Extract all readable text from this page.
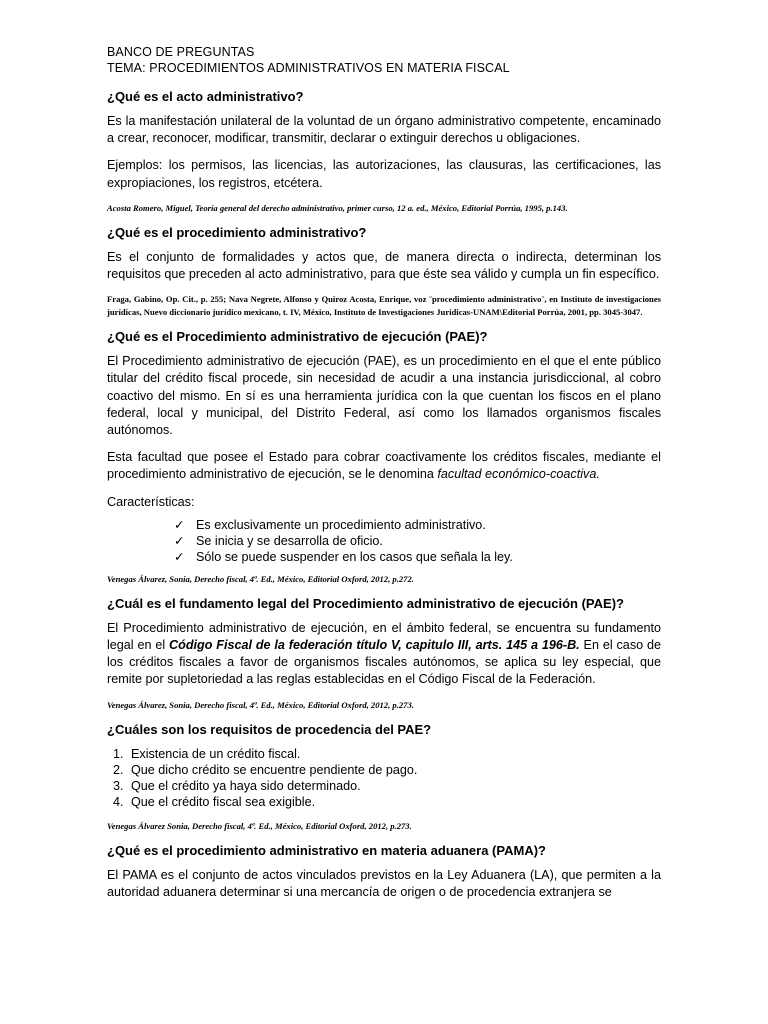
BANCO DE PREGUNTAS
TEMA: PROCEDIMIENTOS ADMINISTRATIVOS EN MATERIA FISCAL

¿Qué es el acto administrativo?

Es la manifestación unilateral de la voluntad de un órgano administrativo competente, encaminado a crear, reconocer, modificar, transmitir, declarar o extinguir derechos u obligaciones.

Ejemplos: los permisos, las licencias, las autorizaciones, las clausuras, las certificaciones, las expropiaciones, los registros, etcétera.

Acosta Romero, Miguel, Teoría general del derecho administrativo, primer curso, 12 a. ed., México, Editorial Porrúa, 1995, p.143.

¿Qué es el procedimiento administrativo?

Es el conjunto de formalidades y actos que, de manera directa o indirecta, determinan los requisitos que preceden al acto administrativo, para que éste sea válido y cumpla un fin específico.

Fraga, Gabino, Op. Cit., p. 255; Nava Negrete, Alfonso y Quiroz Acosta, Enrique, voz ¨procedimiento administrativo¨, en Instituto de investigaciones jurídicas, Nuevo diccionario jurídico mexicano, t. IV, México, Instituto de Investigaciones Jurídicas-UNAM\Editorial Porrúa, 2001, pp. 3045-3047.

¿Qué es el Procedimiento administrativo de ejecución (PAE)?

El Procedimiento administrativo de ejecución (PAE), es un procedimiento en el que el ente público titular del crédito fiscal procede, sin necesidad de acudir a una instancia jurisdiccional, al cobro coactivo del mismo. En sí es una herramienta jurídica con la que cuentan los fiscos en el plano federal, local y municipal, del Distrito Federal, así como los llamados organismos fiscales autónomos.

Esta facultad que posee el Estado para cobrar coactivamente los créditos fiscales, mediante el procedimiento administrativo de ejecución, se le denomina facultad económico-coactiva.

Características:

✓ Es exclusivamente un procedimiento administrativo.
✓ Se inicia y se desarrolla de oficio.
✓ Sólo se puede suspender en los casos que señala la ley.

Venegas Álvarez, Sonia, Derecho fiscal, 4ª. Ed., México, Editorial Oxford, 2012, p.272.

¿Cuál es el fundamento legal del Procedimiento administrativo de ejecución (PAE)?

El Procedimiento administrativo de ejecución, en el ámbito federal, se encuentra su fundamento legal en el Código Fiscal de la federación título V, capitulo III, arts. 145 a 196-B. En el caso de los créditos fiscales a favor de organismos fiscales autónomos, se aplica su ley especial, que remite por supletoriedad a las reglas establecidas en el Código Fiscal de la Federación.

Venegas Álvarez, Sonia, Derecho fiscal, 4ª. Ed., México, Editorial Oxford, 2012, p.273.

¿Cuáles son los requisitos de procedencia del PAE?

1. Existencia de un crédito fiscal.
2. Que dicho crédito se encuentre pendiente de pago.
3. Que el crédito ya haya sido determinado.
4. Que el crédito fiscal sea exigible.

Venegas Álvarez Sonia, Derecho fiscal, 4ª. Ed., México, Editorial Oxford, 2012, p.273.

¿Qué es el procedimiento administrativo en materia aduanera (PAMA)?

El PAMA es el conjunto de actos vinculados previstos en la Ley Aduanera (LA), que permiten a la autoridad aduanera determinar si una mercancía de origen o de procedencia extranjera se
